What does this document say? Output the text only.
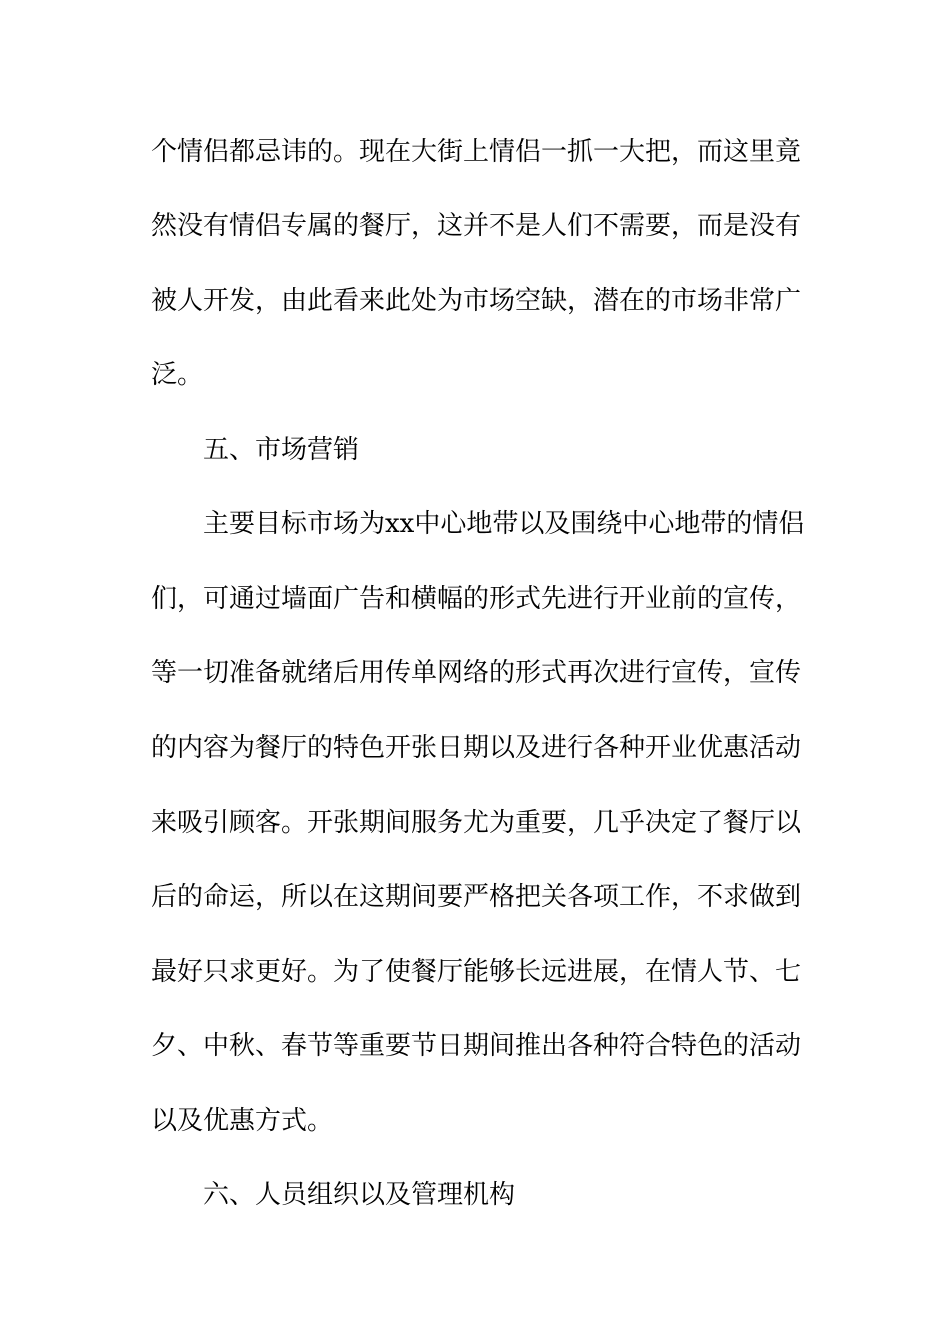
个情侣都忌讳的。现在大街上情侣一抓一大把，而这里竟
然没有情侣专属的餐厅，这并不是人们不需要，而是没有
被人开发，由此看来此处为市场空缺，潜在的市场非常广
泛。
五、市场营销
主要目标市场为xx中心地带以及围绕中心地带的情侣
们，可通过墙面广告和横幅的形式先进行开业前的宣传，
等一切准备就绪后用传单网络的形式再次进行宣传，宣传
的内容为餐厅的特色开张日期以及进行各种开业优惠活动
来吸引顾客。开张期间服务尤为重要，几乎决定了餐厅以
后的命运，所以在这期间要严格把关各项工作，不求做到
最好只求更好。为了使餐厅能够长远进展，在情人节、七
夕、中秋、春节等重要节日期间推出各种符合特色的活动
以及优惠方式。
六、人员组织以及管理机构
